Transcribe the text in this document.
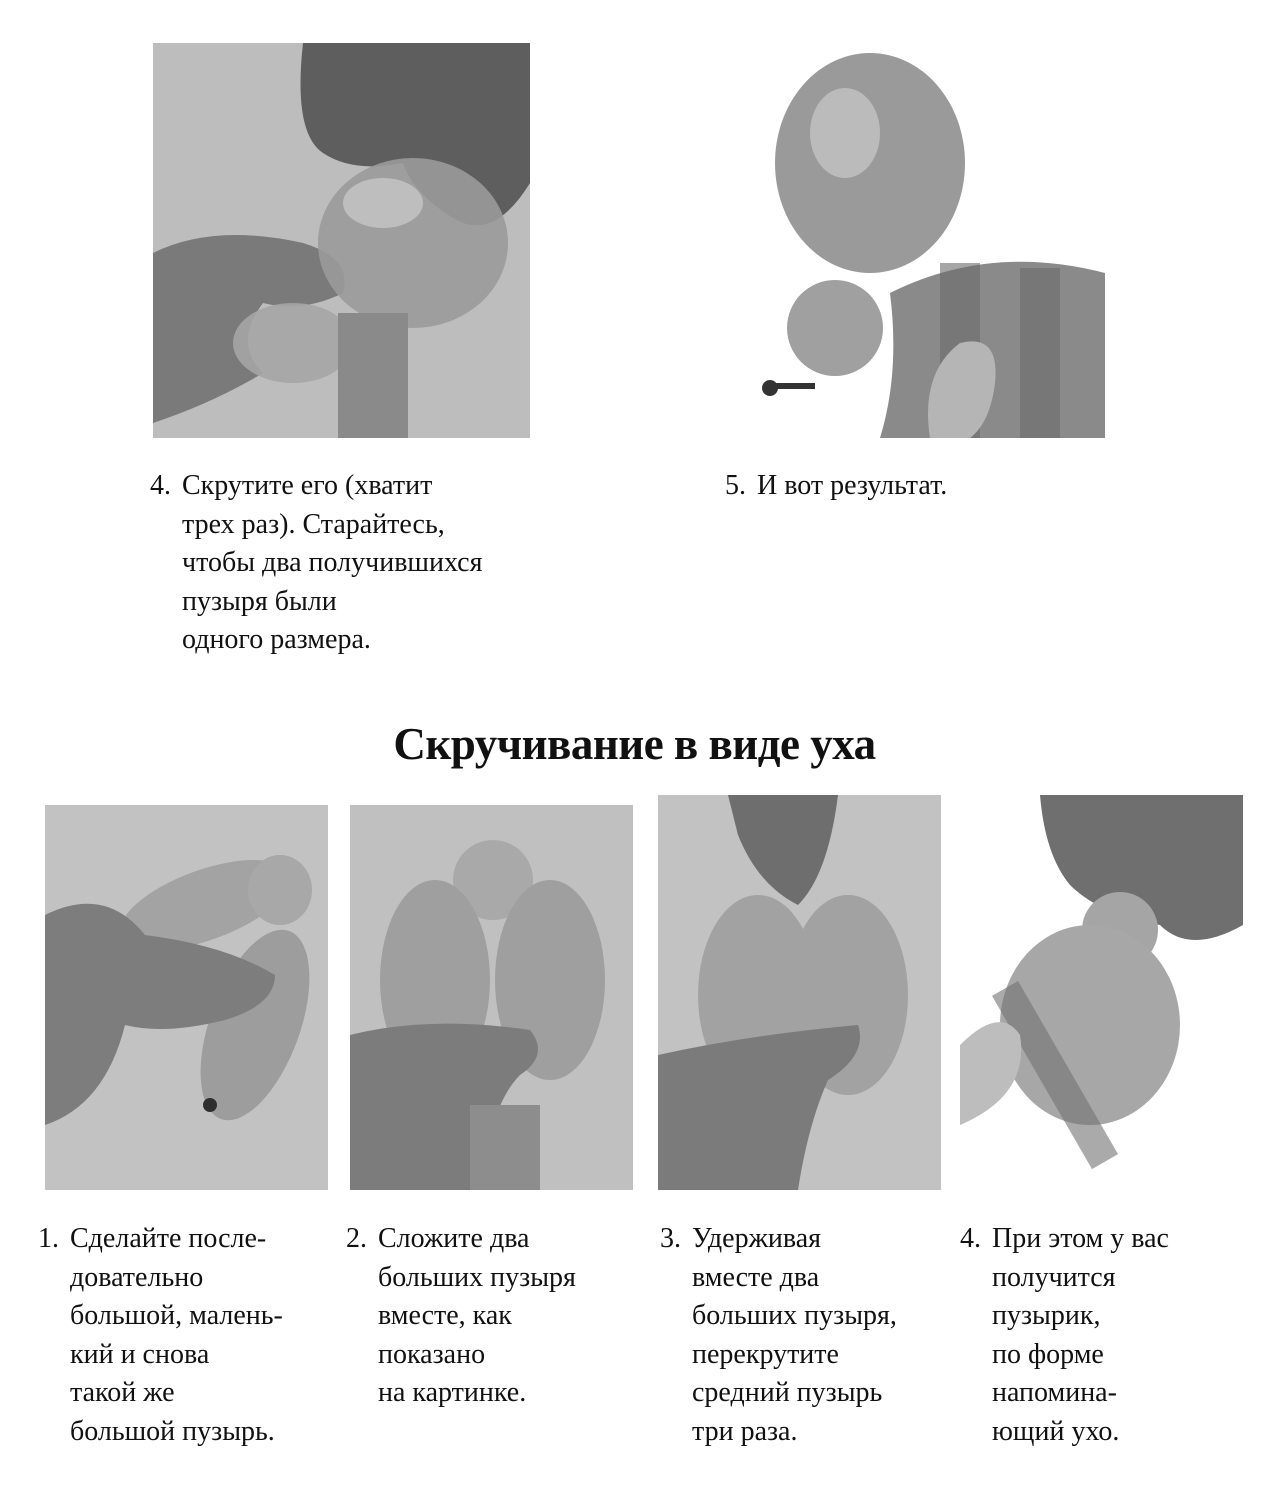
4. Скрутите его (хватит
трех раз). Старайтесь,
чтобы два получившихся
пузыря были
одного размера.
5. И вот результат.
Скручивание в виде уха
1. Сделайте после-
довательно
большой, малень-
кий и снова
такой же
большой пузырь.
2. Сложите два
больших пузыря
вместе, как
показано
на картинке.
3. Удерживая
вместе два
больших пузыря,
перекрутите
средний пузырь
три раза.
4. При этом у вас
получится
пузырик,
по форме
напомина-
ющий ухо.
